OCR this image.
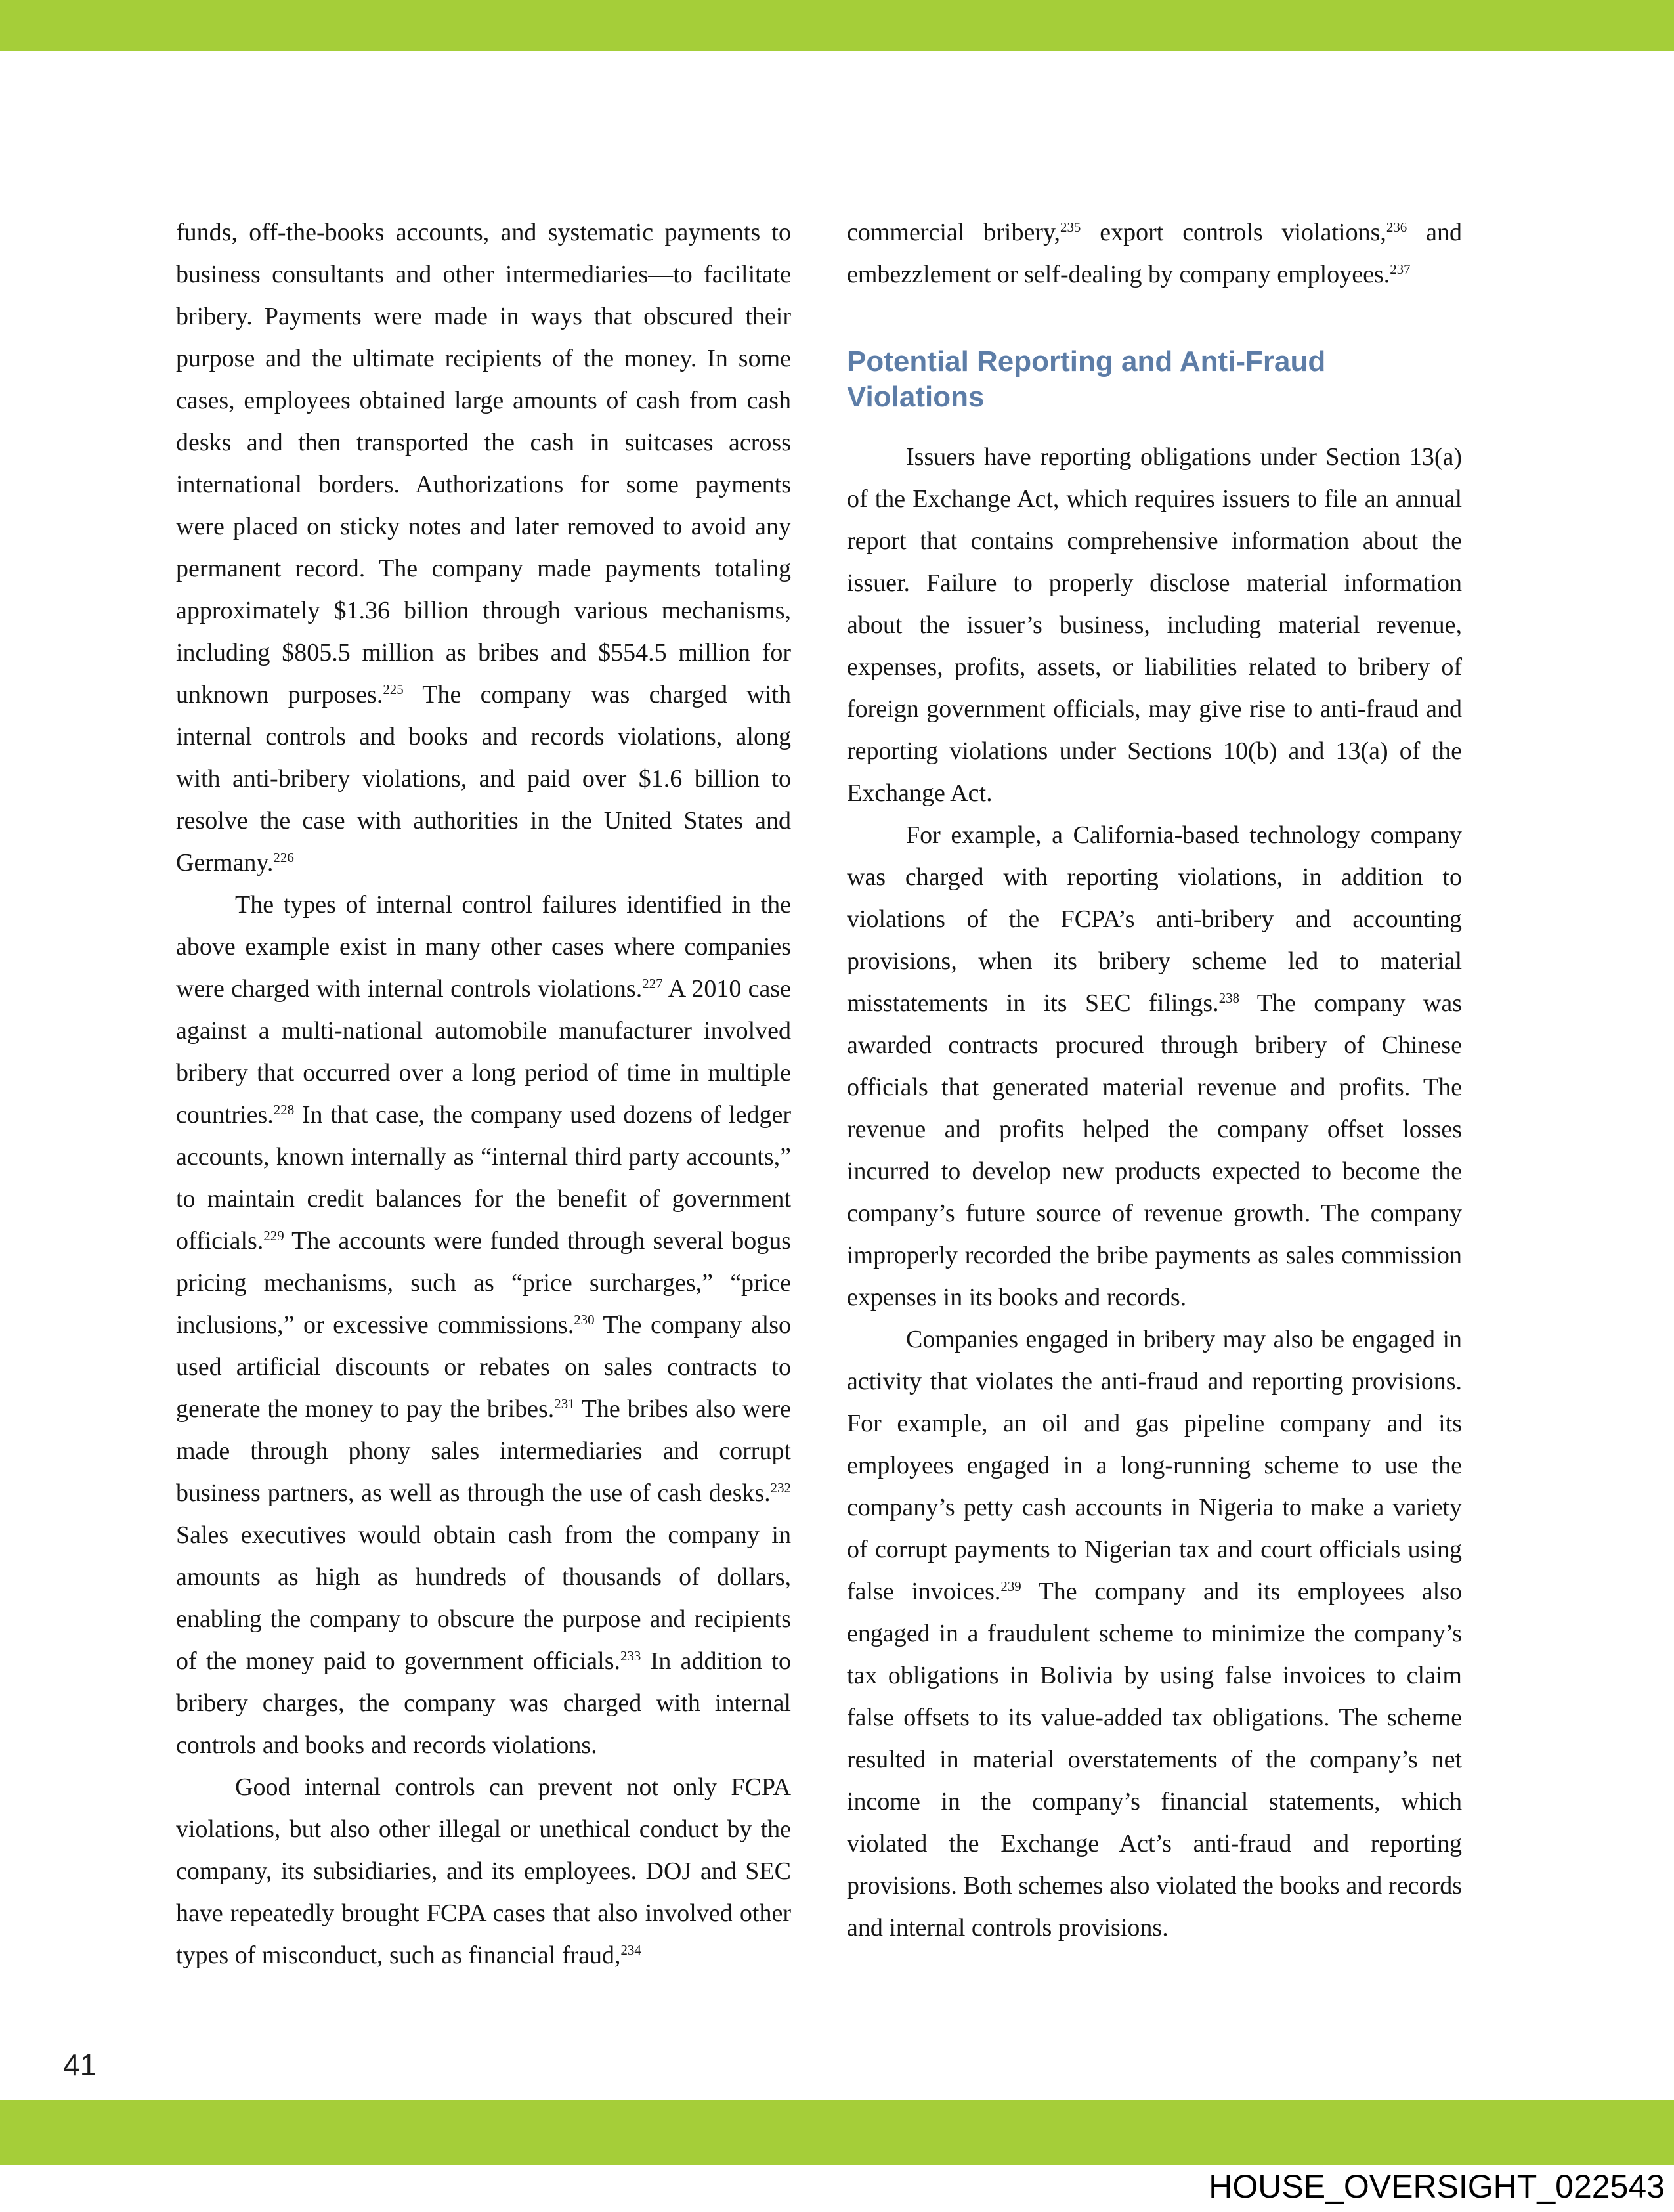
funds, off-the-books accounts, and systematic payments to business consultants and other intermediaries—to facilitate bribery. Payments were made in ways that obscured their purpose and the ultimate recipients of the money. In some cases, employees obtained large amounts of cash from cash desks and then transported the cash in suitcases across international borders. Authorizations for some payments were placed on sticky notes and later removed to avoid any permanent record. The company made payments totaling approximately $1.36 billion through various mechanisms, including $805.5 million as bribes and $554.5 million for unknown purposes.$^{225}$ The company was charged with internal controls and books and records violations, along with anti-bribery violations, and paid over $1.6 billion to resolve the case with authorities in the United States and Germany.$^{226}$

The types of internal control failures identified in the above example exist in many other cases where companies were charged with internal controls violations.$^{227}$ A 2010 case against a multi-national automobile manufacturer involved bribery that occurred over a long period of time in multiple countries.$^{228}$ In that case, the company used dozens of ledger accounts, known internally as “internal third party accounts,” to maintain credit balances for the benefit of government officials.$^{229}$ The accounts were funded through several bogus pricing mechanisms, such as “price surcharges,” “price inclusions,” or excessive commissions.$^{230}$ The company also used artificial discounts or rebates on sales contracts to generate the money to pay the bribes.$^{231}$ The bribes also were made through phony sales intermediaries and corrupt business partners, as well as through the use of cash desks.$^{232}$ Sales executives would obtain cash from the company in amounts as high as hundreds of thousands of dollars, enabling the company to obscure the purpose and recipients of the money paid to government officials.$^{233}$ In addition to bribery charges, the company was charged with internal controls and books and records violations.

Good internal controls can prevent not only FCPA violations, but also other illegal or unethical conduct by the company, its subsidiaries, and its employees. DOJ and SEC have repeatedly brought FCPA cases that also involved other types of misconduct, such as financial fraud,$^{234}$

commercial bribery,$^{235}$ export controls violations,$^{236}$ and embezzlement or self-dealing by company employees.$^{237}$

Potential Reporting and Anti-Fraud Violations

Issuers have reporting obligations under Section 13(a) of the Exchange Act, which requires issuers to file an annual report that contains comprehensive information about the issuer. Failure to properly disclose material information about the issuer’s business, including material revenue, expenses, profits, assets, or liabilities related to bribery of foreign government officials, may give rise to anti-fraud and reporting violations under Sections 10(b) and 13(a) of the Exchange Act.

For example, a California-based technology company was charged with reporting violations, in addition to violations of the FCPA’s anti-bribery and accounting provisions, when its bribery scheme led to material misstatements in its SEC filings.$^{238}$ The company was awarded contracts procured through bribery of Chinese officials that generated material revenue and profits. The revenue and profits helped the company offset losses incurred to develop new products expected to become the company’s future source of revenue growth. The company improperly recorded the bribe payments as sales commission expenses in its books and records.

Companies engaged in bribery may also be engaged in activity that violates the anti-fraud and reporting provisions. For example, an oil and gas pipeline company and its employees engaged in a long-running scheme to use the company’s petty cash accounts in Nigeria to make a variety of corrupt payments to Nigerian tax and court officials using false invoices.$^{239}$ The company and its employees also engaged in a fraudulent scheme to minimize the company’s tax obligations in Bolivia by using false invoices to claim false offsets to its value-added tax obligations. The scheme resulted in material overstatements of the company’s net income in the company’s financial statements, which violated the Exchange Act’s anti-fraud and reporting provisions. Both schemes also violated the books and records and internal controls provisions.

41
HOUSE_OVERSIGHT_022543
